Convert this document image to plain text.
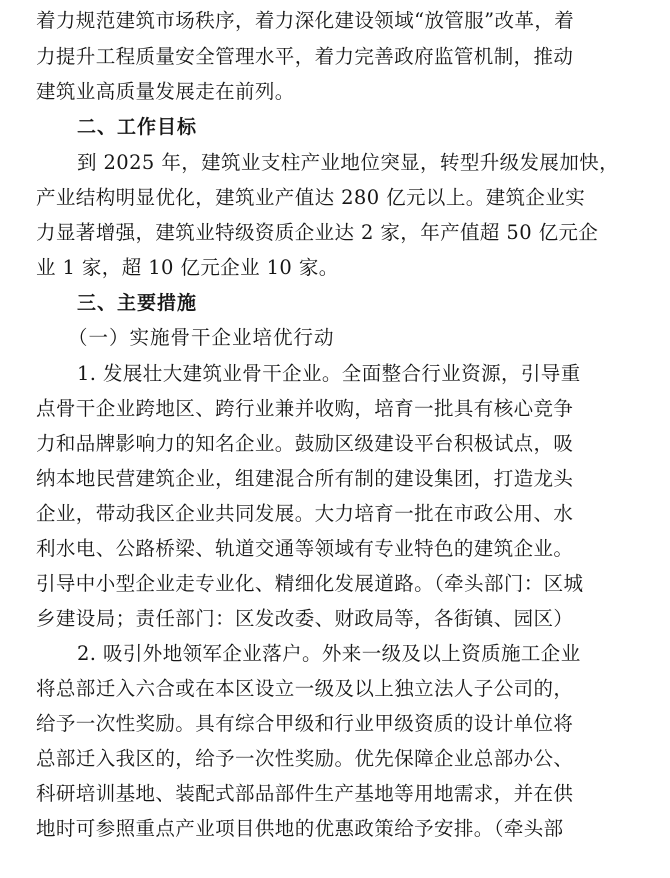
着力规范建筑市场秩序，着力深化建设领域“放管服”改革，着
力提升工程质量安全管理水平，着力完善政府监管机制，推动
建筑业高质量发展走在前列。
二、工作目标
到 2025 年，建筑业支柱产业地位突显，转型升级发展加快，
产业结构明显优化，建筑业产值达 280 亿元以上。建筑企业实
力显著增强，建筑业特级资质企业达 2 家，年产值超 50 亿元企
业 1 家，超 10 亿元企业 10 家。
三、主要措施
（一）实施骨干企业培优行动
1. 发展壮大建筑业骨干企业。全面整合行业资源，引导重
点骨干企业跨地区、跨行业兼并收购，培育一批具有核心竞争
力和品牌影响力的知名企业。鼓励区级建设平台积极试点，吸
纳本地民营建筑企业，组建混合所有制的建设集团，打造龙头
企业，带动我区企业共同发展。大力培育一批在市政公用、水
利水电、公路桥梁、轨道交通等领域有专业特色的建筑企业。
引导中小型企业走专业化、精细化发展道路。（牵头部门：区城
乡建设局；责任部门：区发改委、财政局等，各街镇、园区）
2. 吸引外地领军企业落户。外来一级及以上资质施工企业
将总部迁入六合或在本区设立一级及以上独立法人子公司的，
给予一次性奖励。具有综合甲级和行业甲级资质的设计单位将
总部迁入我区的，给予一次性奖励。优先保障企业总部办公、
科研培训基地、装配式部品部件生产基地等用地需求，并在供
地时可参照重点产业项目供地的优惠政策给予安排。（牵头部
